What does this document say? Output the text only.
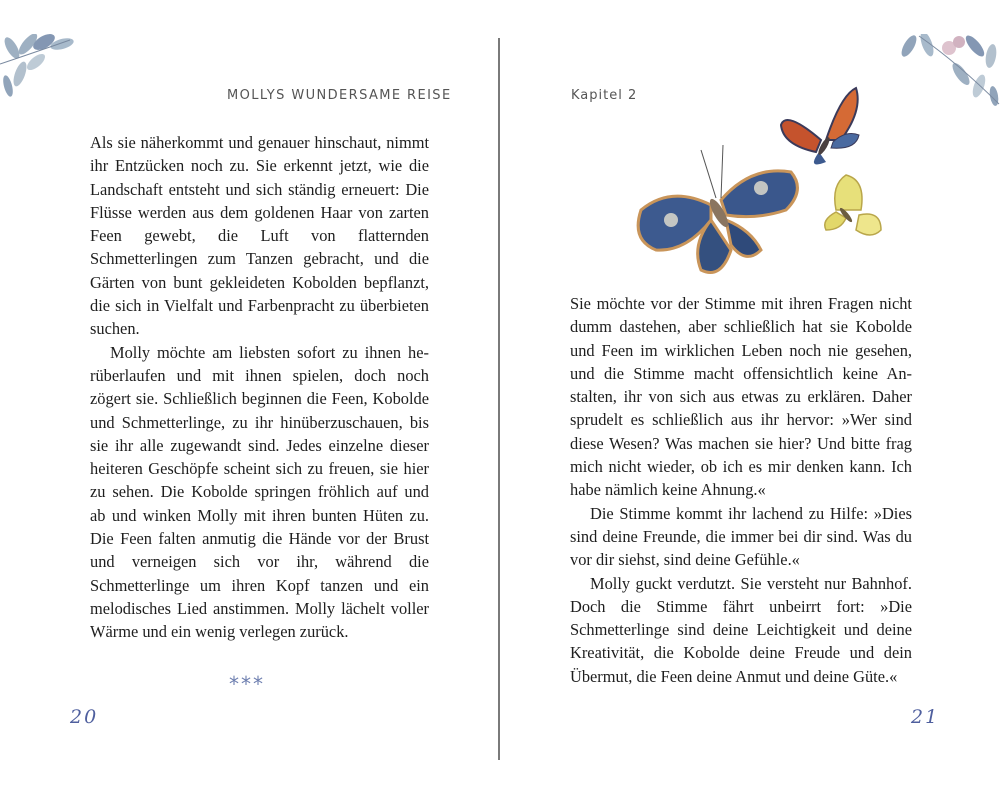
MOLLYS WUNDERSAME REISE

Als sie näherkommt und genauer hinschaut, nimmt ihr Entzücken noch zu. Sie erkennt jetzt, wie die Landschaft entsteht und sich ständig erneuert: Die Flüsse werden aus dem goldenen Haar von zarten Feen gewebt, die Luft von flatternden Schmetterlingen zum Tanzen gebracht, und die Gärten von bunt gekleideten Kobolden bepflanzt, die sich in Vielfalt und Farbenpracht zu überbieten suchen.

Molly möchte am liebsten sofort zu ihnen herüberlaufen und mit ihnen spielen, doch noch zögert sie. Schließlich beginnen die Feen, Kobolde und Schmetterlinge, zu ihr hinüberzuschauen, bis sie ihr alle zugewandt sind. Jedes einzelne dieser heiteren Geschöpfe scheint sich zu freuen, sie hier zu sehen. Die Kobolde springen fröhlich auf und ab und winken Molly mit ihren bunten Hüten zu. Die Feen falten anmutig die Hände vor der Brust und verneigen sich vor ihr, während die Schmetterlinge um ihren Kopf tanzen und ein melodisches Lied anstimmen. Molly lächelt voller Wärme und ein wenig verlegen zurück.

***
20
Kapitel 2

Sie möchte vor der Stimme mit ihren Fragen nicht dumm dastehen, aber schließlich hat sie Kobolde und Feen im wirklichen Leben noch nie gesehen, und die Stimme macht offensichtlich keine Anstalten, ihr von sich aus etwas zu erklären. Daher sprudelt es schließlich aus ihr hervor: »Wer sind diese Wesen? Was machen sie hier? Und bitte frag mich nicht wieder, ob ich es mir denken kann. Ich habe nämlich keine Ahnung.«

Die Stimme kommt ihr lachend zu Hilfe: »Dies sind deine Freunde, die immer bei dir sind. Was du vor dir siehst, sind deine Gefühle.«

Molly guckt verdutzt. Sie versteht nur Bahnhof. Doch die Stimme fährt unbeirrt fort: »Die Schmetterlinge sind deine Leichtigkeit und deine Kreativität, die Kobolde deine Freude und dein Übermut, die Feen deine Anmut und deine Güte.«

21
